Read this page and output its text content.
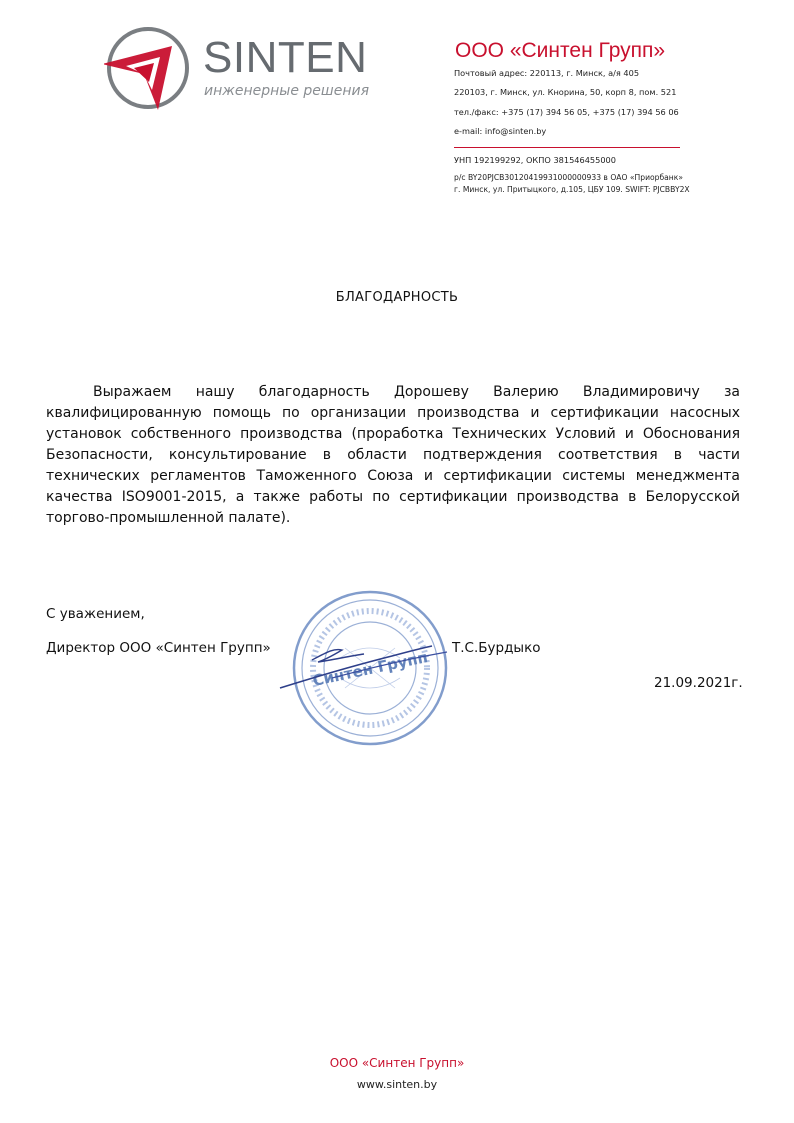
SINTEN
инженерные решения
ООО «Синтен Групп»
Почтовый адрес: 220113, г. Минск, а/я 405
220103, г. Минск, ул. Кнорина, 50, корп 8, пом. 521
тел./факс: +375 (17) 394 56 05, +375 (17) 394 56 06
e-mail: info@sinten.by
УНП 192199292, ОКПО 381546455000
р/с BY20PJCB30120419931000000933 в ОАО «Приорбанк»
г. Минск, ул. Притыцкого, д.105, ЦБУ 109. SWIFT: PJCBBY2X
БЛАГОДАРНОСТЬ

Выражаем нашу благодарность Дорошеву Валерию Владимировичу за квалифицированную помощь по организации производства и сертификации насосных установок собственного производства (проработка Технических Условий и Обоснования Безопасности, консультирование в области подтверждения соответствия в части технических регламентов Таможенного Союза и сертификации системы менеджмента качества ISO9001-2015, а также работы по сертификации производства в Белорусской торгово-промышленной палате).

Синтен Групп
С уважением,
Директор ООО «Синтен Групп»	Т.С.Бурдыко
21.09.2021г.
ООО «Синтен Групп»
www.sinten.by
